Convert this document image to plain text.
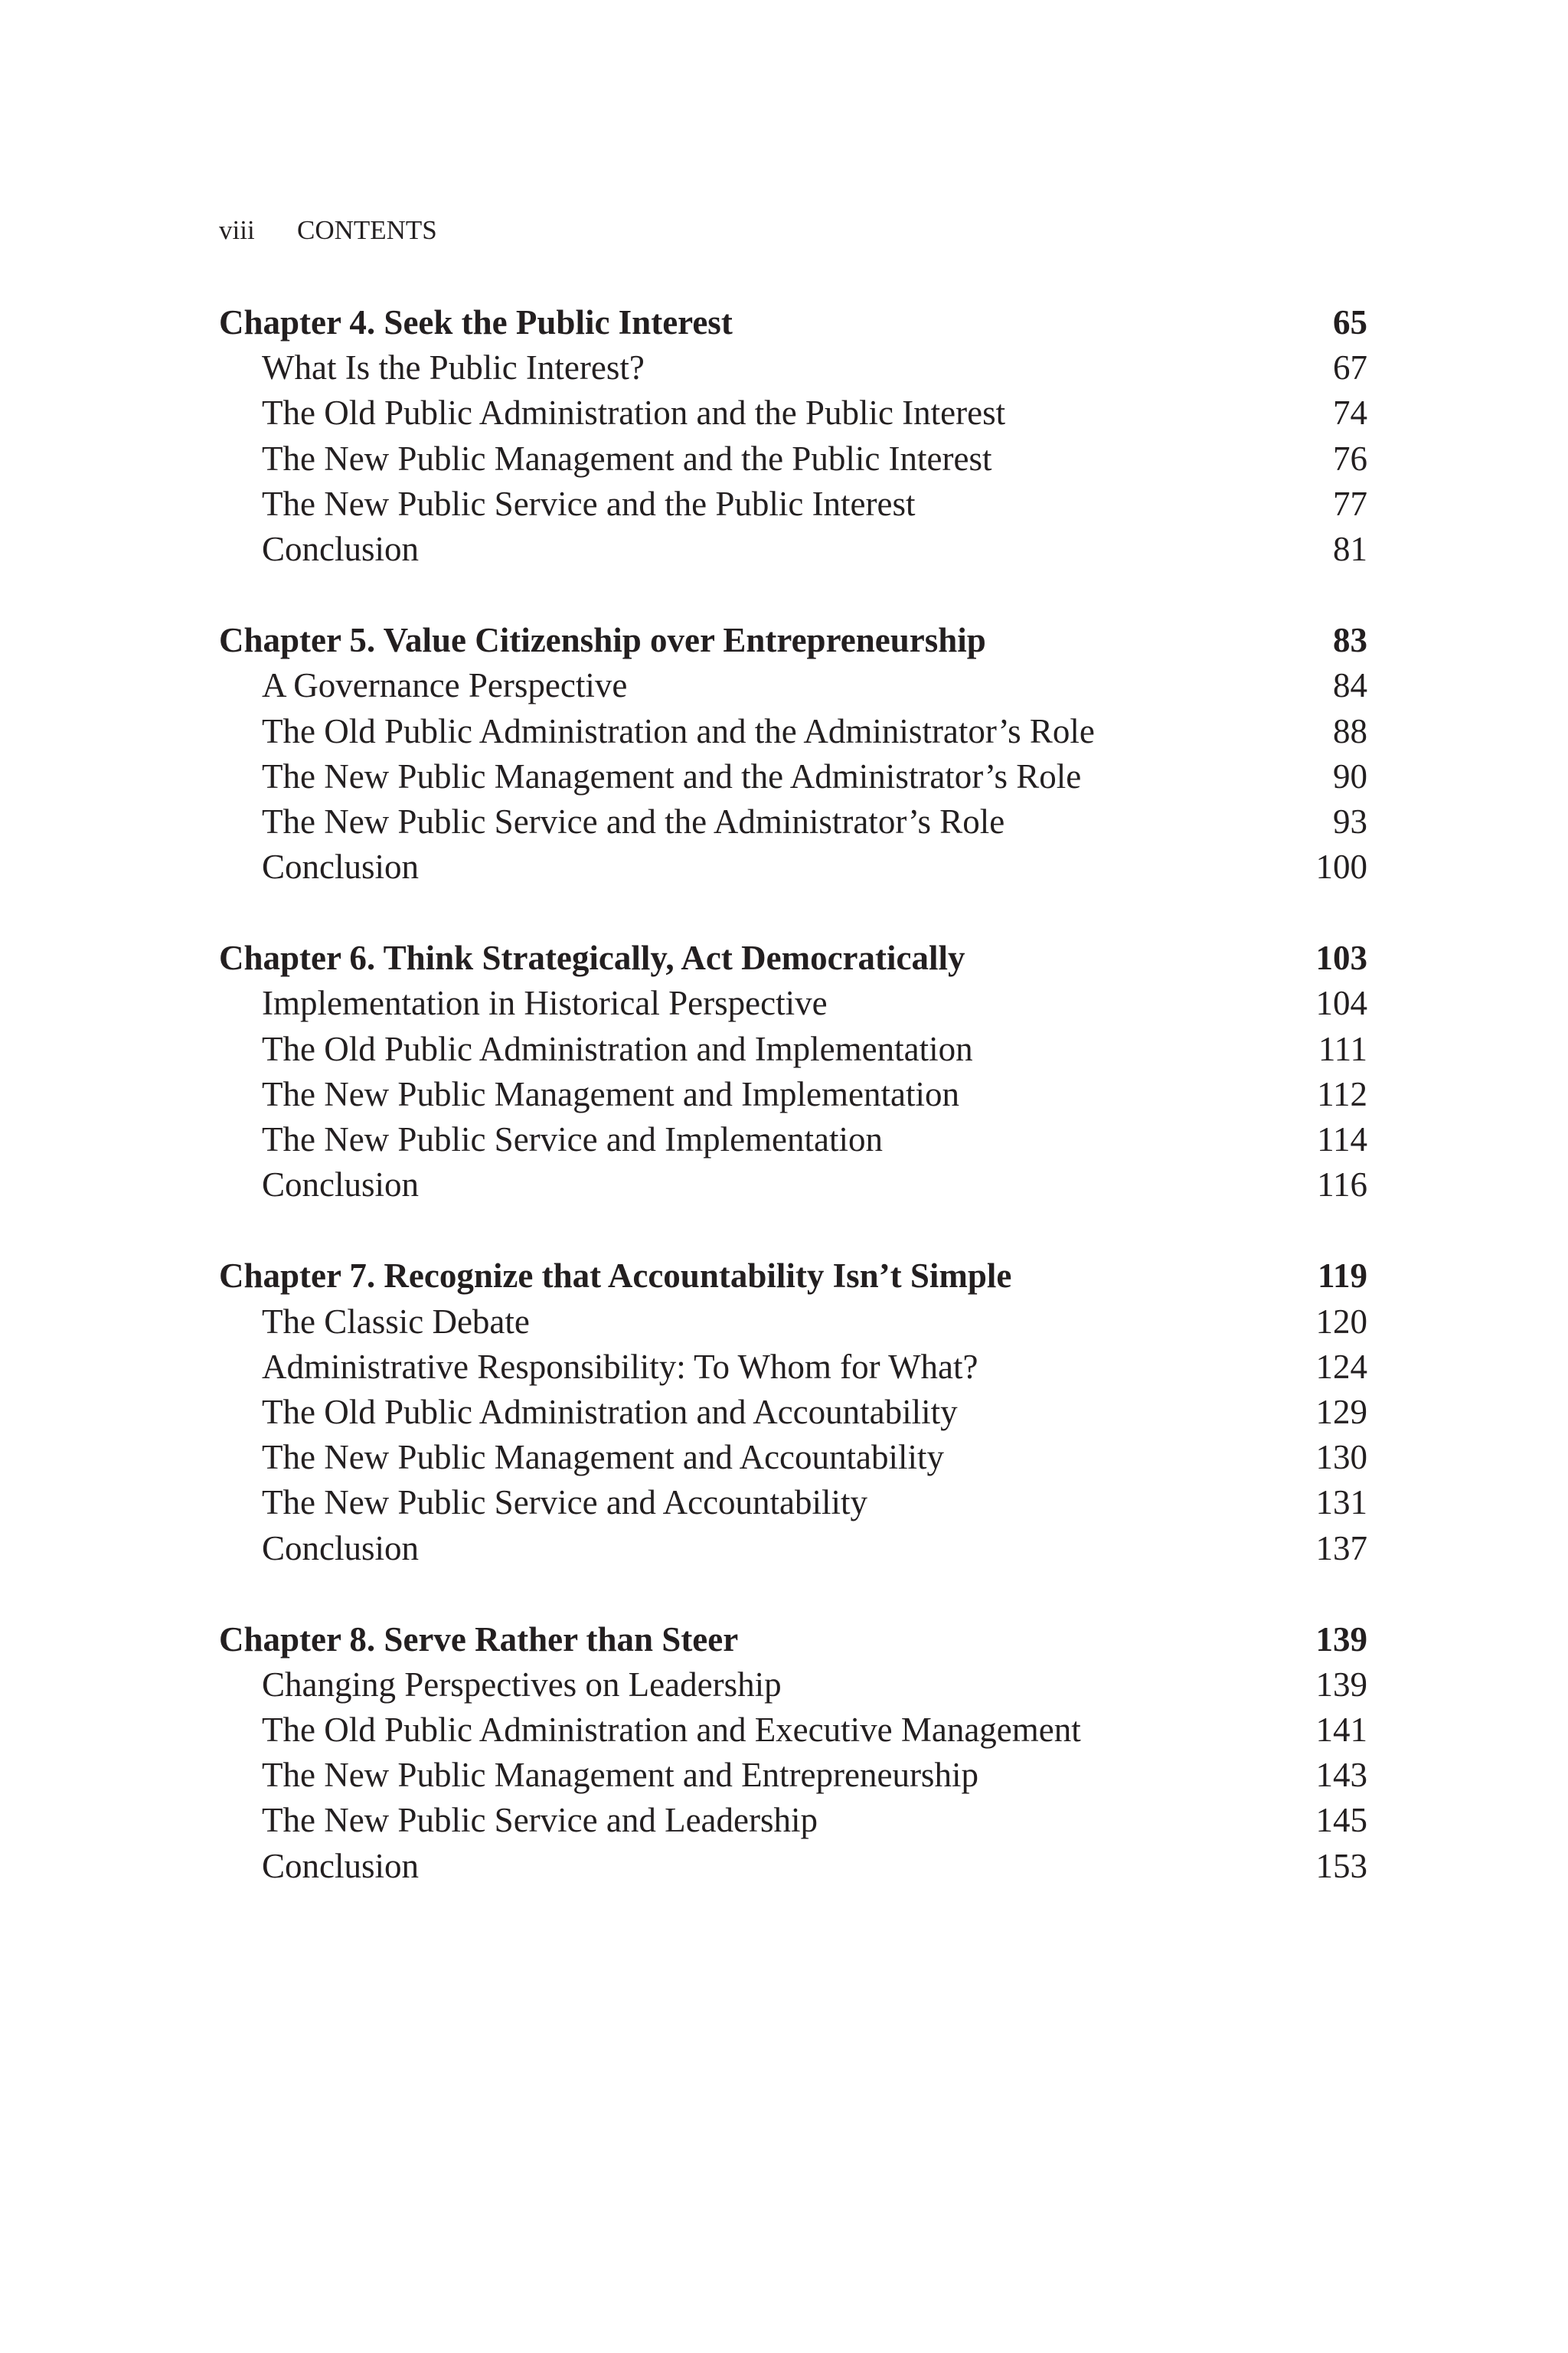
viii CONTENTS
Chapter 4. Seek the Public Interest	65
What Is the Public Interest?	67
The Old Public Administration and the Public Interest	74
The New Public Management and the Public Interest	76
The New Public Service and the Public Interest	77
Conclusion	81
Chapter 5. Value Citizenship over Entrepreneurship	83
A Governance Perspective	84
The Old Public Administration and the Administrator’s Role	88
The New Public Management and the Administrator’s Role	90
The New Public Service and the Administrator’s Role	93
Conclusion	100
Chapter 6. Think Strategically, Act Democratically	103
Implementation in Historical Perspective	104
The Old Public Administration and Implementation	111
The New Public Management and Implementation	112
The New Public Service and Implementation	114
Conclusion	116
Chapter 7. Recognize that Accountability Isn’t Simple	119
The Classic Debate	120
Administrative Responsibility: To Whom for What?	124
The Old Public Administration and Accountability	129
The New Public Management and Accountability	130
The New Public Service and Accountability	131
Conclusion	137
Chapter 8. Serve Rather than Steer	139
Changing Perspectives on Leadership	139
The Old Public Administration and Executive Management	141
The New Public Management and Entrepreneurship	143
The New Public Service and Leadership	145
Conclusion	153
